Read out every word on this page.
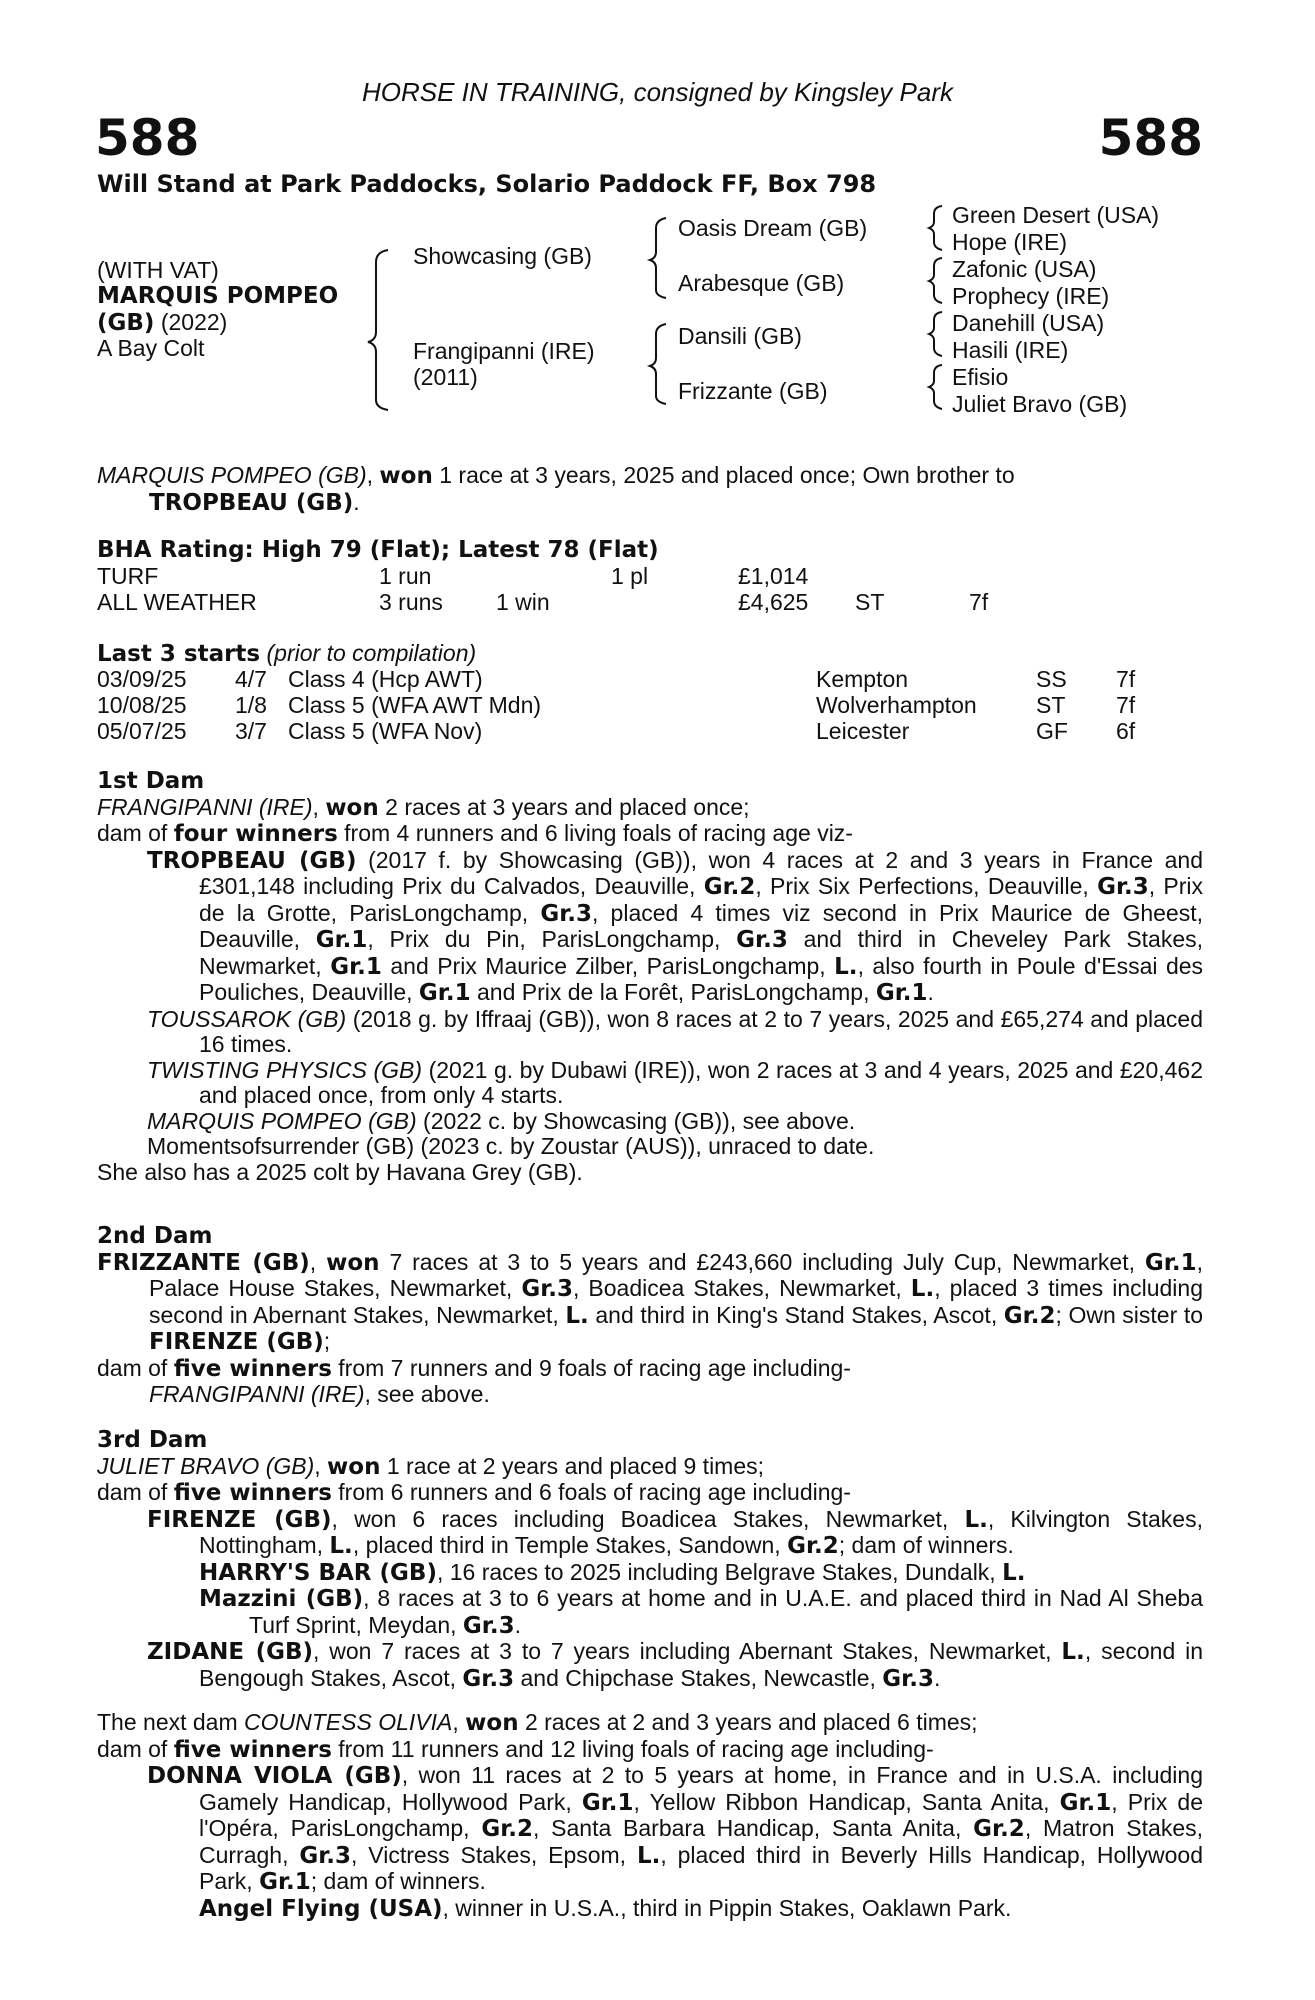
HORSE IN TRAINING, consigned by Kingsley Park
588	588
Will Stand at Park Paddocks, Solario Paddock FF, Box 798
(WITH VAT)
MARQUIS POMPEO
(GB) (2022)
A Bay Colt
Showcasing (GB)
Frangipanni (IRE)
(2011)
Oasis Dream (GB)
Arabesque (GB)
Dansili (GB)
Frizzante (GB)
Green Desert (USA)
Hope (IRE)
Zafonic (USA)
Prophecy (IRE)
Danehill (USA)
Hasili (IRE)
Efisio
Juliet Bravo (GB)

MARQUIS POMPEO (GB), won 1 race at 3 years, 2025 and placed once; Own brother to

TROPBEAU (GB).

BHA Rating: High 79 (Flat); Latest 78 (Flat)
TURF	1 run	1 pl	£1,014
ALL WEATHER	3 runs 1 win	£4,625 ST	7f
Last 3 starts (prior to compilation)
03/09/25 4/7 Class 4 (Hcp AWT)	Kempton	SS 7f
10/08/25 1/8 Class 5 (WFA AWT Mdn)	Wolverhampton	ST 7f
05/07/25 3/7 Class 5 (WFA Nov)	Leicester	GF 6f

1st Dam

FRANGIPANNI (IRE), won 2 races at 3 years and placed once;

dam of four winners from 4 runners and 6 living foals of racing age viz-

TROPBEAU (GB) (2017 f. by Showcasing (GB)), won 4 races at 2 and 3 years in France and £301,148 including Prix du Calvados, Deauville, Gr.2, Prix Six Perfections, Deauville, Gr.3, Prix de la Grotte, ParisLongchamp, Gr.3, placed 4 times viz second in Prix Maurice de Gheest, Deauville, Gr.1, Prix du Pin, ParisLongchamp, Gr.3 and third in Cheveley Park Stakes, Newmarket, Gr.1 and Prix Maurice Zilber, ParisLongchamp, L., also fourth in Poule d'Essai des Pouliches, Deauville, Gr.1 and Prix de la Forêt, ParisLongchamp, Gr.1.

TOUSSAROK (GB) (2018 g. by Iffraaj (GB)), won 8 races at 2 to 7 years, 2025 and £65,274 and placed 16 times.

TWISTING PHYSICS (GB) (2021 g. by Dubawi (IRE)), won 2 races at 3 and 4 years, 2025 and £20,462 and placed once, from only 4 starts.

MARQUIS POMPEO (GB) (2022 c. by Showcasing (GB)), see above.

Momentsofsurrender (GB) (2023 c. by Zoustar (AUS)), unraced to date.

She also has a 2025 colt by Havana Grey (GB).

2nd Dam

FRIZZANTE (GB), won 7 races at 3 to 5 years and £243,660 including July Cup, Newmarket, Gr.1, Palace House Stakes, Newmarket, Gr.3, Boadicea Stakes, Newmarket, L., placed 3 times including second in Abernant Stakes, Newmarket, L. and third in King's Stand Stakes, Ascot, Gr.2; Own sister to FIRENZE (GB);

dam of five winners from 7 runners and 9 foals of racing age including-

FRANGIPANNI (IRE), see above.

3rd Dam

JULIET BRAVO (GB), won 1 race at 2 years and placed 9 times;

dam of five winners from 6 runners and 6 foals of racing age including-

FIRENZE (GB), won 6 races including Boadicea Stakes, Newmarket, L., Kilvington Stakes, Nottingham, L., placed third in Temple Stakes, Sandown, Gr.2; dam of winners.

HARRY'S BAR (GB), 16 races to 2025 including Belgrave Stakes, Dundalk, L.

Mazzini (GB), 8 races at 3 to 6 years at home and in U.A.E. and placed third in Nad Al Sheba Turf Sprint, Meydan, Gr.3.

ZIDANE (GB), won 7 races at 3 to 7 years including Abernant Stakes, Newmarket, L., second in Bengough Stakes, Ascot, Gr.3 and Chipchase Stakes, Newcastle, Gr.3.

The next dam COUNTESS OLIVIA, won 2 races at 2 and 3 years and placed 6 times;

dam of five winners from 11 runners and 12 living foals of racing age including-

DONNA VIOLA (GB), won 11 races at 2 to 5 years at home, in France and in U.S.A. including Gamely Handicap, Hollywood Park, Gr.1, Yellow Ribbon Handicap, Santa Anita, Gr.1, Prix de l'Opéra, ParisLongchamp, Gr.2, Santa Barbara Handicap, Santa Anita, Gr.2, Matron Stakes, Curragh, Gr.3, Victress Stakes, Epsom, L., placed third in Beverly Hills Handicap, Hollywood Park, Gr.1; dam of winners.

Angel Flying (USA), winner in U.S.A., third in Pippin Stakes, Oaklawn Park.
